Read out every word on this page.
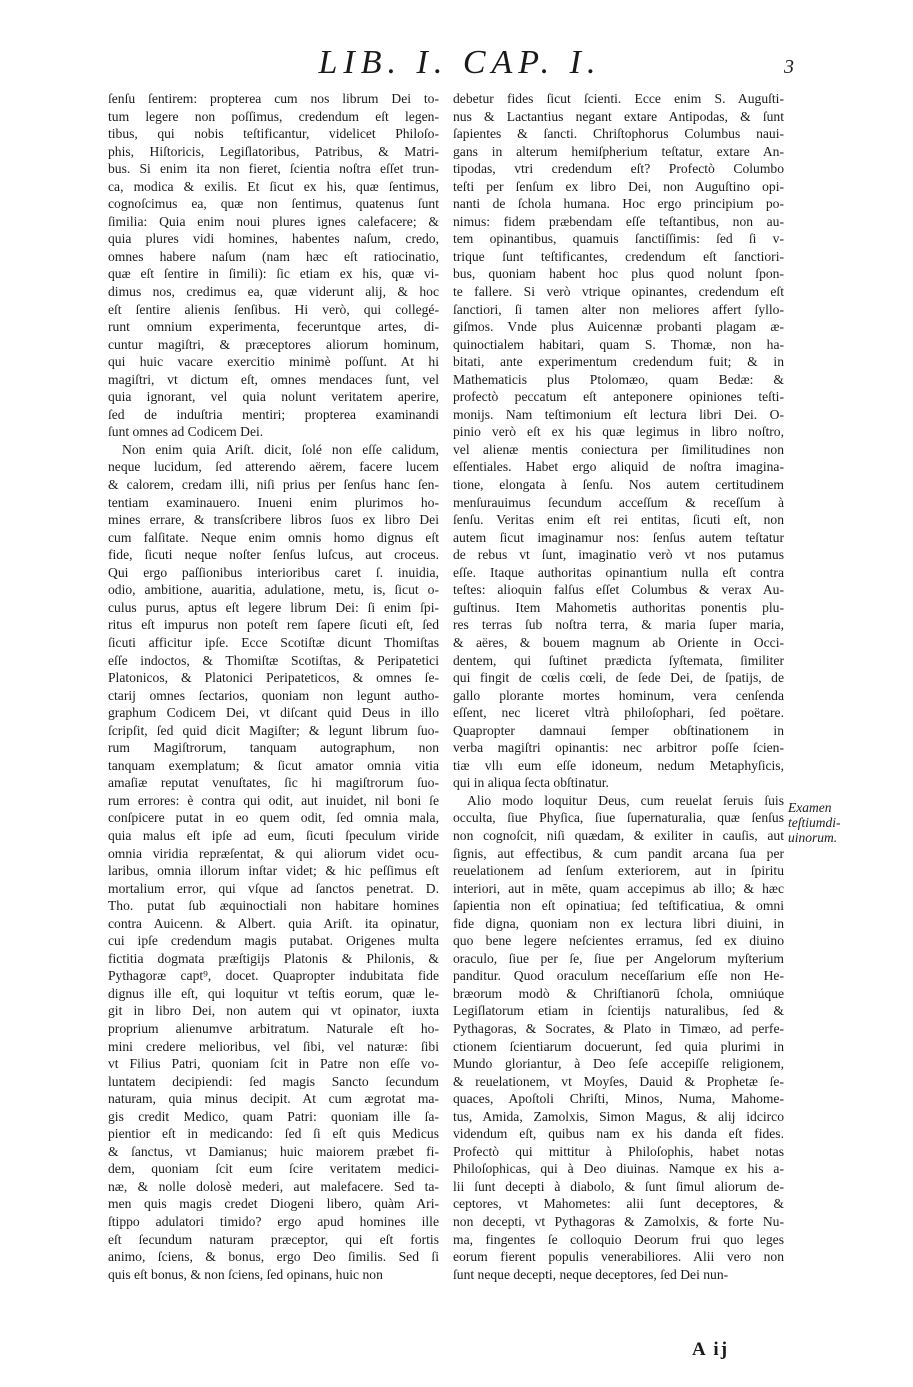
LIB. I. CAP. I.	3
ſenſu ſentirem: propterea cum nos librum Dei to-
tum legere non poſſimus, credendum eſt legen-
tibus, qui nobis teſtificantur, videlicet Philoſo-
phis, Hiſtoricis, Legiſlatoribus, Patribus, & Matri-
bus. Si enim ita non fieret, ſcientia noſtra eſſet trun-
ca, modica & exilis. Et ſicut ex his, quæ ſentimus,
cognoſcimus ea, quæ non ſentimus, quatenus ſunt
ſimilia: Quia enim noui plures ignes calefacere; &
quia plures vidi homines, habentes naſum, credo,
omnes habere naſum (nam hæc eſt ratiocinatio,
quæ eſt ſentire in ſimili): ſic etiam ex his, quæ vi-
dimus nos, credimus ea, quæ viderunt alij, & hoc
eſt ſentire alienis ſenſibus. Hi verò, qui collegé-
runt omnium experimenta, feceruntque artes, di-
cuntur magiſtri, & præceptores aliorum hominum,
qui huic vacare exercitio minimè poſſunt. At hi
magiſtri, vt dictum eſt, omnes mendaces ſunt, vel
quia ignorant, vel quia nolunt veritatem aperire,
ſed de induſtria mentiri; propterea examinandi
ſunt omnes ad Codicem Dei.
Non enim quia Ariſt. dicit, ſolé non eſſe calidum,
neque lucidum, ſed atterendo aërem, facere lucem
& calorem, credam illi, niſi prius per ſenſus hanc ſen-
tentiam examinauero. Inueni enim plurimos ho-
mines errare, & transſcribere libros ſuos ex libro Dei
cum falſitate. Neque enim omnis homo dignus eſt
fide, ſicuti neque noſter ſenſus luſcus, aut croceus.
Qui ergo paſſionibus interioribus caret ſ. inuidia,
odio, ambitione, auaritia, adulatione, metu, is, ſicut o-
culus purus, aptus eſt legere librum Dei: ſi enim ſpi-
ritus eſt impurus non poteſt rem ſapere ſicuti eſt, ſed
ſicuti afficitur ipſe. Ecce Scotiſtæ dicunt Thomiſtas
eſſe indoctos, & Thomiſtæ Scotiſtas, & Peripatetici
Platonicos, & Platonici Peripateticos, & omnes ſe-
ctarij omnes ſectarios, quoniam non legunt autho-
graphum Codicem Dei, vt diſcant quid Deus in illo
ſcripſit, ſed quid dicit Magiſter; & legunt librum ſuo-
rum Magiſtrorum, tanquam autographum, non
tanquam exemplatum; & ſicut amator omnia vitia
amaſiæ reputat venuſtates, ſic hi magiſtrorum ſuo-
rum errores: è contra qui odit, aut inuidet, nil boni ſe
conſpicere putat in eo quem odit, ſed omnia mala,
quia malus eſt ipſe ad eum, ſicuti ſpeculum viride
omnia viridia repræſentat, & qui aliorum videt ocu-
laribus, omnia illorum inſtar videt; & hic peſſimus eſt
mortalium error, qui vſque ad ſanctos penetrat. D.
Tho. putat ſub æquinoctiali non habitare homines
contra Auicenn. & Albert. quia Ariſt. ita opinatur,
cui ipſe credendum magis putabat. Origenes multa
fictitia dogmata præſtigijs Platonis & Philonis, &
Pythagoræ capt⁹, docet. Quapropter indubitata fide
dignus ille eſt, qui loquitur vt teſtis eorum, quæ le-
git in libro Dei, non autem qui vt opinator, iuxta
proprium alienumve arbitratum. Naturale eſt ho-
mini credere melioribus, vel ſibi, vel naturæ: ſibi
vt Filius Patri, quoniam ſcit in Patre non eſſe vo-
luntatem decipiendi: ſed magis Sancto ſecundum
naturam, quia minus decipit. At cum ægrotat ma-
gis credit Medico, quam Patri: quoniam ille ſa-
pientior eſt in medicando: ſed ſi eſt quis Medicus
& ſanctus, vt Damianus; huic maiorem præbet fi-
dem, quoniam ſcit eum ſcire veritatem medici-
næ, & nolle dolosè mederi, aut malefacere. Sed ta-
men quis magis credet Diogeni libero, quàm Ari-
ſtippo adulatori timido? ergo apud homines ille
eſt ſecundum naturam præceptor, qui eſt fortis
animo, ſciens, & bonus, ergo Deo ſimilis. Sed ſi
quis eſt bonus, & non ſciens, ſed opinans, huic non
debetur fides ſicut ſcienti. Ecce enim S. Auguſti-
nus & Lactantius negant extare Antipodas, & ſunt
ſapientes & ſancti. Chriſtophorus Columbus naui-
gans in alterum hemiſpherium teſtatur, extare An-
tipodas, vtri credendum eſt? Profectò Columbo
teſti per ſenſum ex libro Dei, non Auguſtino opi-
nanti de ſchola humana. Hoc ergo principium po-
nimus: fidem præbendam eſſe teſtantibus, non au-
tem opinantibus, quamuis ſanctiſſimis: ſed ſi v-
trique ſunt teſtificantes, credendum eſt ſanctiori-
bus, quoniam habent hoc plus quod nolunt ſpon-
te fallere. Si verò vtrique opinantes, credendum eſt
ſanctiori, ſi tamen alter non meliores affert ſyllo-
giſmos. Vnde plus Auicennæ probanti plagam æ-
quinoctialem habitari, quam S. Thomæ, non ha-
bitati, ante experimentum credendum fuit; & in
Mathematicis plus Ptolomæo, quam Bedæ: &
profectò peccatum eſt anteponere opiniones teſti-
monijs. Nam teſtimonium eſt lectura libri Dei. O-
pinio verò eſt ex his quæ legimus in libro noſtro,
vel alienæ mentis coniectura per ſimilitudines non
eſſentiales. Habet ergo aliquid de noſtra imagina-
tione, elongata à ſenſu. Nos autem certitudinem
menſurauimus ſecundum acceſſum & receſſum à
ſenſu. Veritas enim eſt rei entitas, ſicuti eſt, non
autem ſicut imaginamur nos: ſenſus autem teſtatur
de rebus vt ſunt, imaginatio verò vt nos putamus
eſſe. Itaque authoritas opinantium nulla eſt contra
teſtes: alioquin falſus eſſet Columbus & verax Au-
guſtinus. Item Mahometis authoritas ponentis plu-
res terras ſub noſtra terra, & maria ſuper maria,
& aëres, & bouem magnum ab Oriente in Occi-
dentem, qui ſuſtinet prædicta ſyſtemata, ſimiliter
qui fingit de cœlis cœli, de ſede Dei, de ſpatijs, de
gallo plorante mortes hominum, vera cenſenda
eſſent, nec liceret vltrà philoſophari, ſed poëtare.
Quapropter damnaui ſemper obſtinationem in
verba magiſtri opinantis: nec arbitror poſſe ſcien-
tiæ vllı eum eſſe idoneum, nedum Metaphyſicis,
qui in aliqua ſecta obſtinatur.
Alio modo loquitur Deus, cum reuelat ſeruis ſuis
occulta, ſiue Phyſica, ſiue ſupernaturalia, quæ ſenſus
non cognoſcit, niſi quædam, & exiliter in cauſis, aut
ſignis, aut effectibus, & cum pandit arcana ſua per
reuelationem ad ſenſum exteriorem, aut in ſpiritu
interiori, aut in mēte, quam accepimus ab illo; & hæc
ſapientia non eſt opinatiua; ſed teſtificatiua, & omni
fide digna, quoniam non ex lectura libri diuini, in
quo bene legere neſcientes erramus, ſed ex diuino
oraculo, ſiue per ſe, ſiue per Angelorum myſterium
panditur. Quod oraculum neceſſarium eſſe non He-
bræorum modò & Chriſtianorū ſchola, omniúque
Legiſlatorum etiam in ſcientijs naturalibus, ſed &
Pythagoras, & Socrates, & Plato in Timæo, ad perfe-
ctionem ſcientiarum docuerunt, ſed quia plurimi in
Mundo gloriantur, à Deo ſeſe accepiſſe religionem,
& reuelationem, vt Moyſes, Dauid & Prophetæ ſe-
quaces, Apoſtoli Chriſti, Minos, Numa, Mahome-
tus, Amida, Zamolxis, Simon Magus, & alij idcirco
videndum eſt, quibus nam ex his danda eſt fides.
Profectò qui mittitur à Philoſophis, habet notas
Philoſophicas, qui à Deo diuinas. Namque ex his a-
lii ſunt decepti à diabolo, & ſunt ſimul aliorum de-
ceptores, vt Mahometes: alii ſunt deceptores, &
non decepti, vt Pythagoras & Zamolxis, & forte Nu-
ma, fingentes ſe colloquio Deorum frui quo leges
eorum fierent populis venerabiliores. Alii vero non
ſunt neque decepti, neque deceptores, ſed Dei nun-
Examen
teſtiumdi-
uinorum.
A ij
